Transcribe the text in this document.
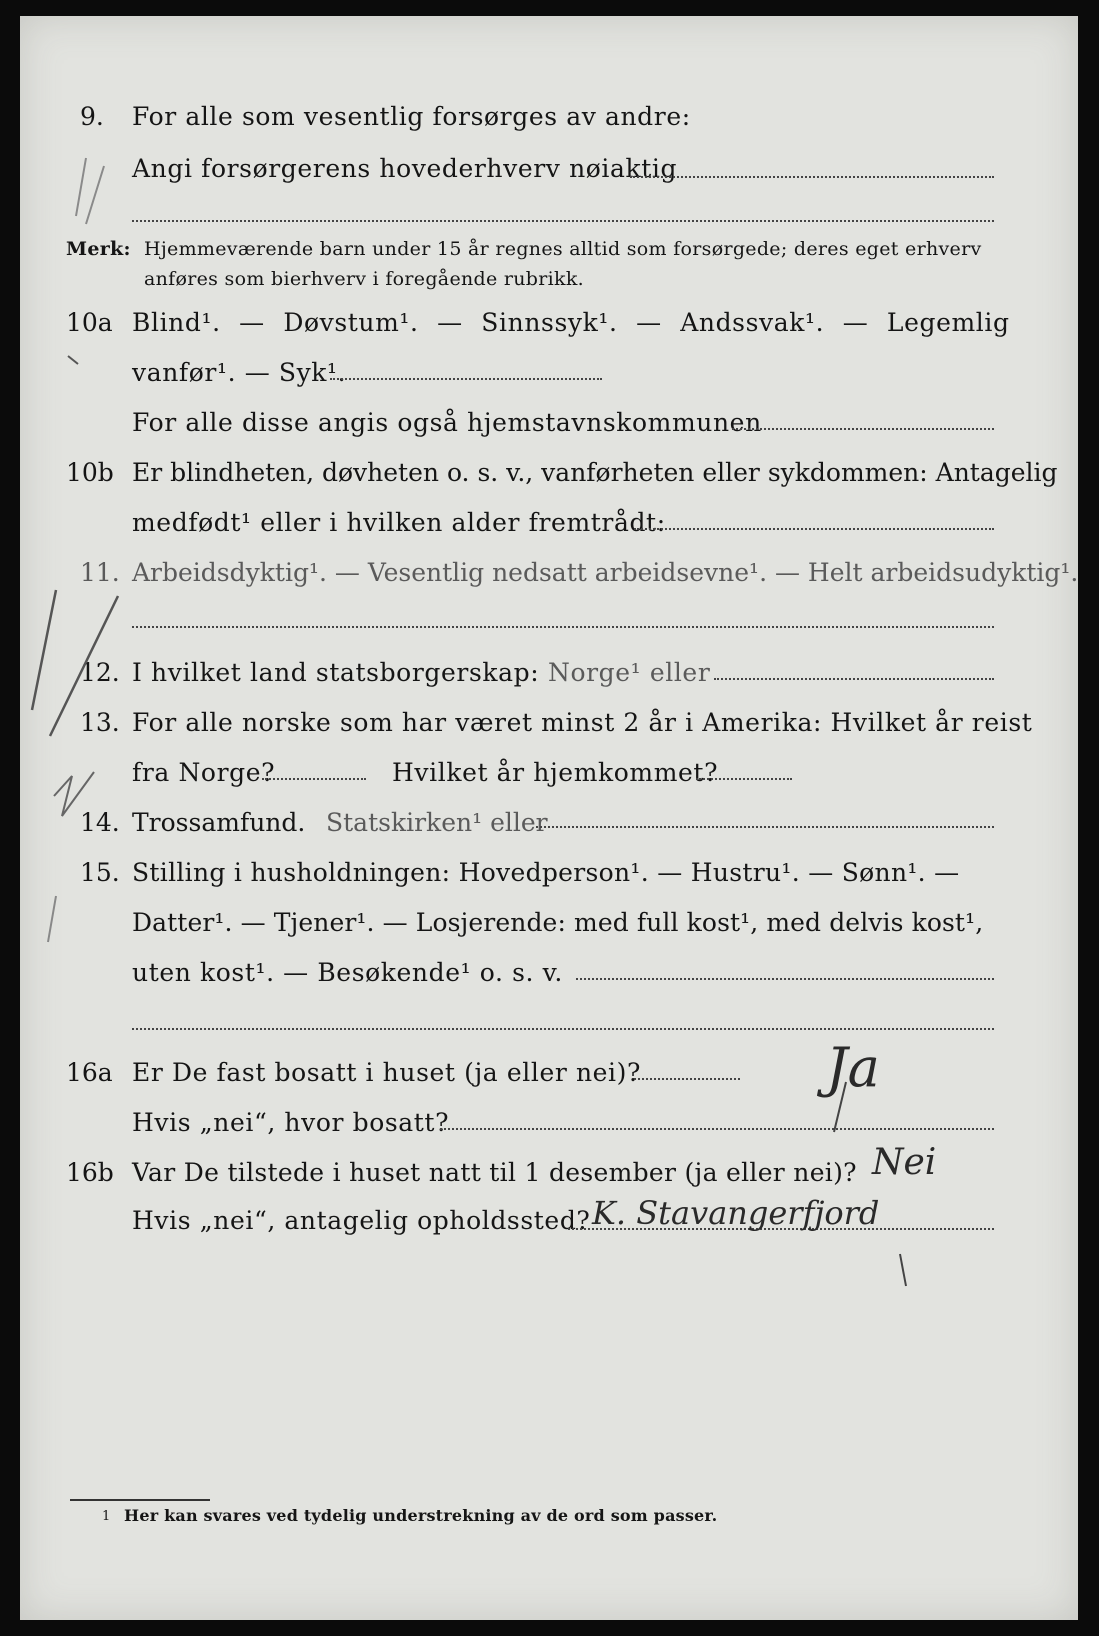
9. For alle som vesentlig forsørges av andre:
Angi forsørgerens hovederhverv nøiaktig
Merk: Hjemmeværende barn under 15 år regnes alltid som forsørgede; deres eget erhverv
anføres som bierhverv i foregående rubrikk.
10a Blind¹. — Døvstum¹. — Sinnssyk¹. — Andssvak¹. — Legemlig
vanfør¹. — Syk¹.
For alle disse angis også hjemstavnskommunen
10b Er blindheten, døvheten o. s. v., vanførheten eller sykdommen: Antagelig
medfødt¹ eller i hvilken alder fremtrådt:
11. Arbeidsdyktig¹. — Vesentlig nedsatt arbeidsevne¹. — Helt arbeidsudyktig¹.
12. I hvilket land statsborgerskap: Norge¹ eller
13. For alle norske som har været minst 2 år i Amerika: Hvilket år reist
fra Norge?	Hvilket år hjemkommet?
14. Trossamfund. Statskirken¹ eller
15. Stilling i husholdningen: Hovedperson¹. — Hustru¹. — Sønn¹. —
Datter¹. — Tjener¹. — Losjerende: med full kost¹, med delvis kost¹,
uten kost¹. — Besøkende¹ o. s. v.
16a Er De fast bosatt i huset (ja eller nei)?
Hvis „nei“, hvor bosatt?
Ja
16b Var De tilstede i huset natt til 1 desember (ja eller nei)?
Hvis „nei“, antagelig opholdssted?
Nei
K. Stavangerfjord
1 Her kan svares ved tydelig understrekning av de ord som passer.
